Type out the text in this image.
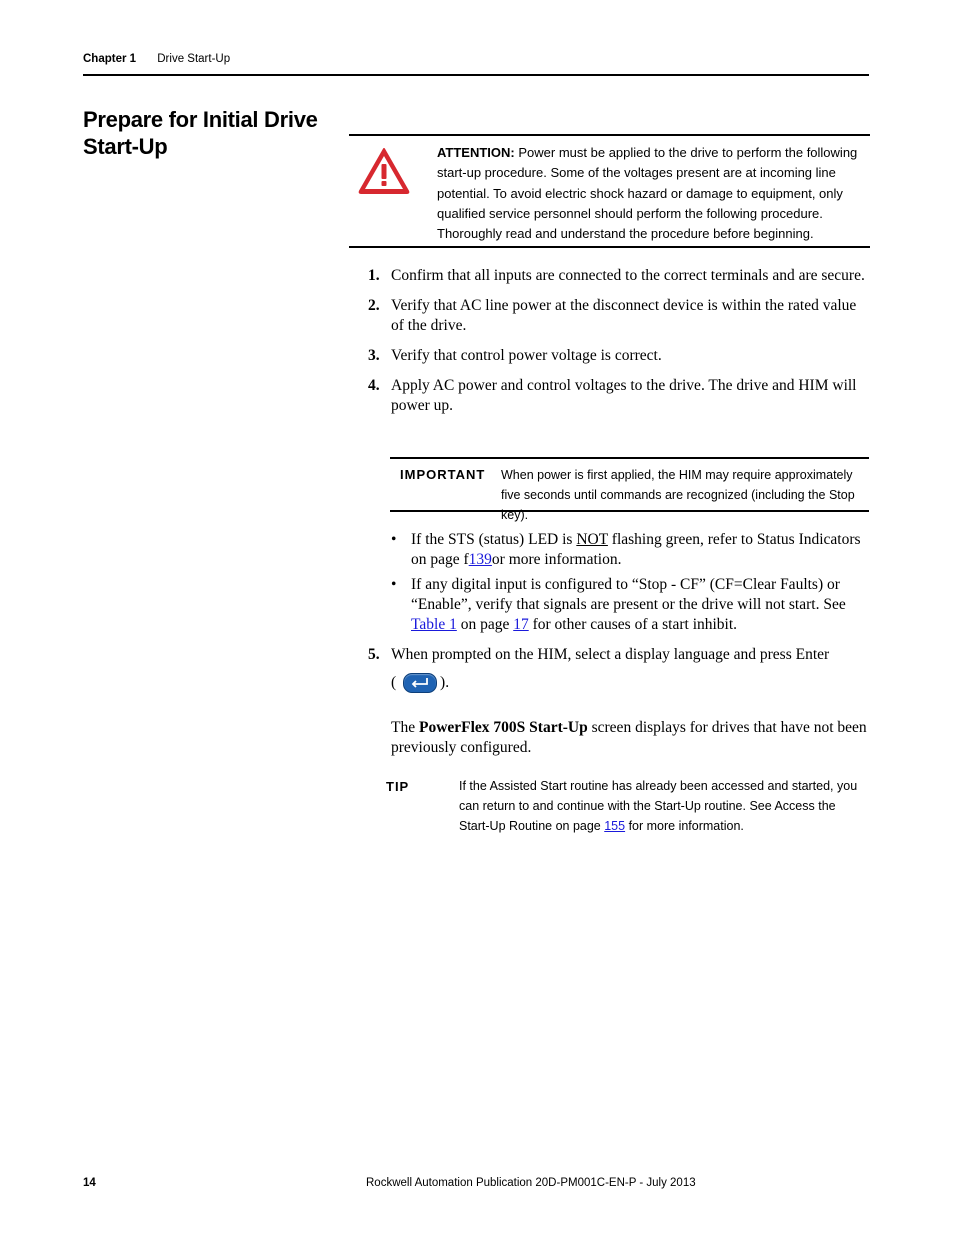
Chapter 1 Drive Start-Up
Prepare for Initial Drive Start-Up	ATTENTION: Power must be applied to the drive to perform the following start-up procedure. Some of the voltages present are at incoming line potential. To avoid electric shock hazard or damage to equipment, only qualified service personnel should perform the following procedure. Thoroughly read and understand the procedure before beginning.
1. Confirm that all inputs are connected to the correct terminals and are secure.
2. Verify that AC line power at the disconnect device is within the rated value of the drive.
3. Verify that control power voltage is correct.
4. Apply AC power and control voltages to the drive. The drive and HIM will power up.
IMPORTANT When power is first applied, the HIM may require approximately five seconds until commands are recognized (including the Stop key).
• If the STS (status) LED is NOT flashing green, refer to Status Indicators on page f139or more information.
• If any digital input is configured to “Stop - CF” (CF=Clear Faults) or “Enable”, verify that signals are present or the drive will not start. See Table 1 on page 17 for other causes of a start inhibit.
5. When prompted on the HIM, select a display language and press Enter
(	).
The PowerFlex 700S Start-Up screen displays for drives that have not been previously configured.
TIP	If the Assisted Start routine has already been accessed and started, you can return to and continue with the Start-Up routine. See Access the Start-Up Routine on page 155 for more information.
14	Rockwell Automation Publication 20D-PM001C-EN-P - July 2013
